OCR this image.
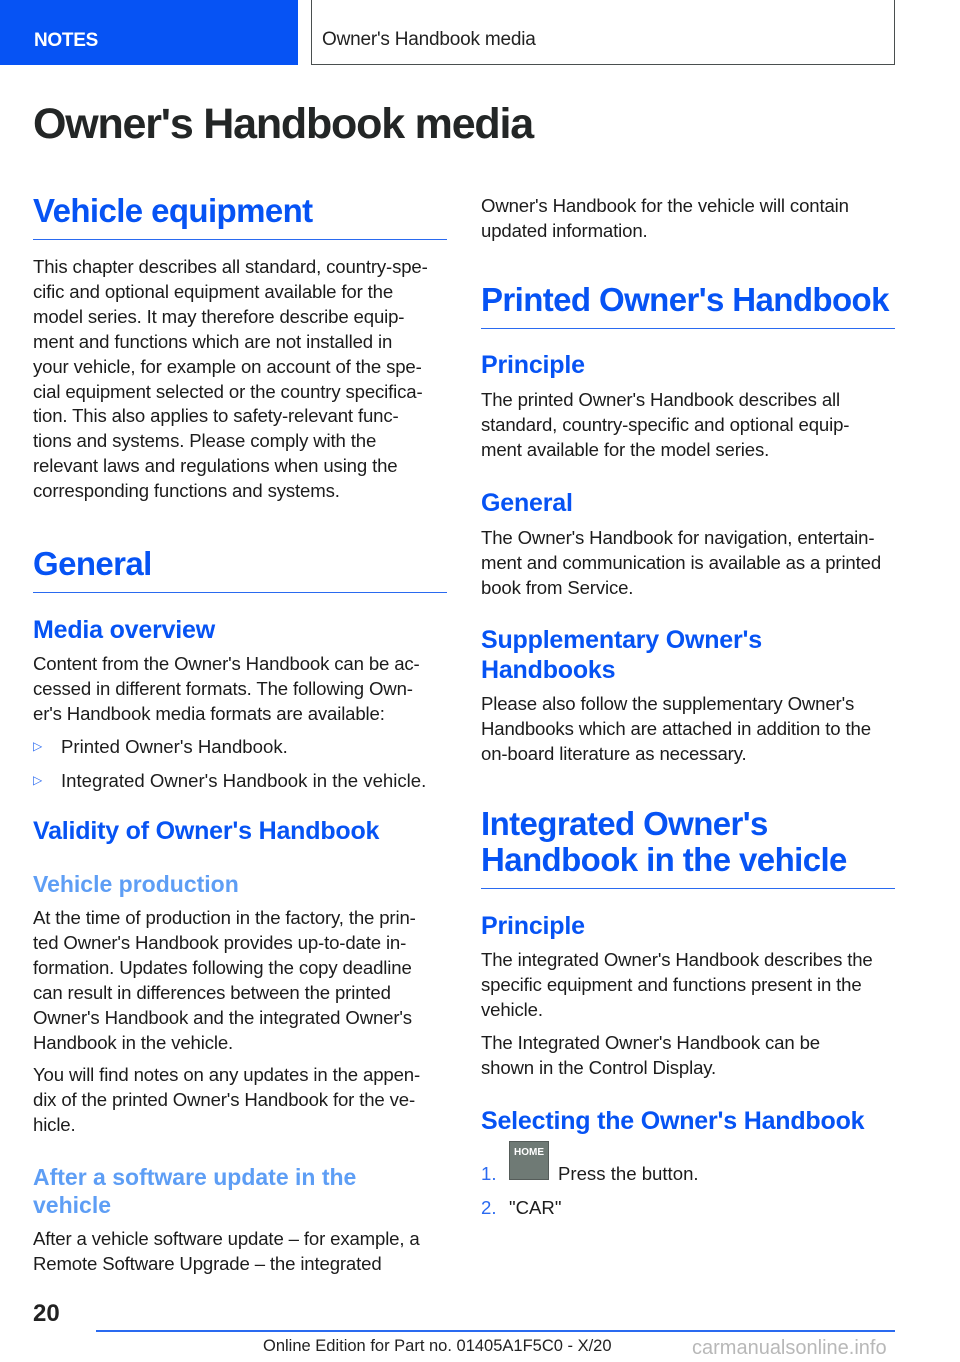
NOTES	Owner's Handbook media
Owner's Handbook media
Vehicle equipment
This chapter describes all standard, country-spe-
cific and optional equipment available for the
model series. It may therefore describe equip-
ment and functions which are not installed in
your vehicle, for example on account of the spe-
cial equipment selected or the country specifica-
tion. This also applies to safety-relevant func-
tions and systems. Please comply with the
relevant laws and regulations when using the
corresponding functions and systems.
General
Media overview
Content from the Owner's Handbook can be ac-
cessed in different formats. The following Own-
er's Handbook media formats are available:
▷ Printed Owner's Handbook.
▷ Integrated Owner's Handbook in the vehicle.
Validity of Owner's Handbook
Vehicle production
At the time of production in the factory, the prin-
ted Owner's Handbook provides up-to-date in-
formation. Updates following the copy deadline
can result in differences between the printed
Owner's Handbook and the integrated Owner's
Handbook in the vehicle.
You will find notes on any updates in the appen-
dix of the printed Owner's Handbook for the ve-
hicle.
After a software update in the
vehicle
After a vehicle software update – for example, a
Remote Software Upgrade – the integrated
Owner's Handbook for the vehicle will contain
updated information.
Printed Owner's Handbook
Principle
The printed Owner's Handbook describes all
standard, country-specific and optional equip-
ment available for the model series.
General
The Owner's Handbook for navigation, entertain-
ment and communication is available as a printed
book from Service.
Supplementary Owner's
Handbooks
Please also follow the supplementary Owner's
Handbooks which are attached in addition to the
on-board literature as necessary.
Integrated Owner's
Handbook in the vehicle
Principle
The integrated Owner's Handbook describes the
specific equipment and functions present in the
vehicle.
The Integrated Owner's Handbook can be
shown in the Control Display.
Selecting the Owner's Handbook
1.
HOME
Press the button.
2. "CAR"
20
Online Edition for Part no. 01405A1F5C0 - X/20	carmanualsonline.info
